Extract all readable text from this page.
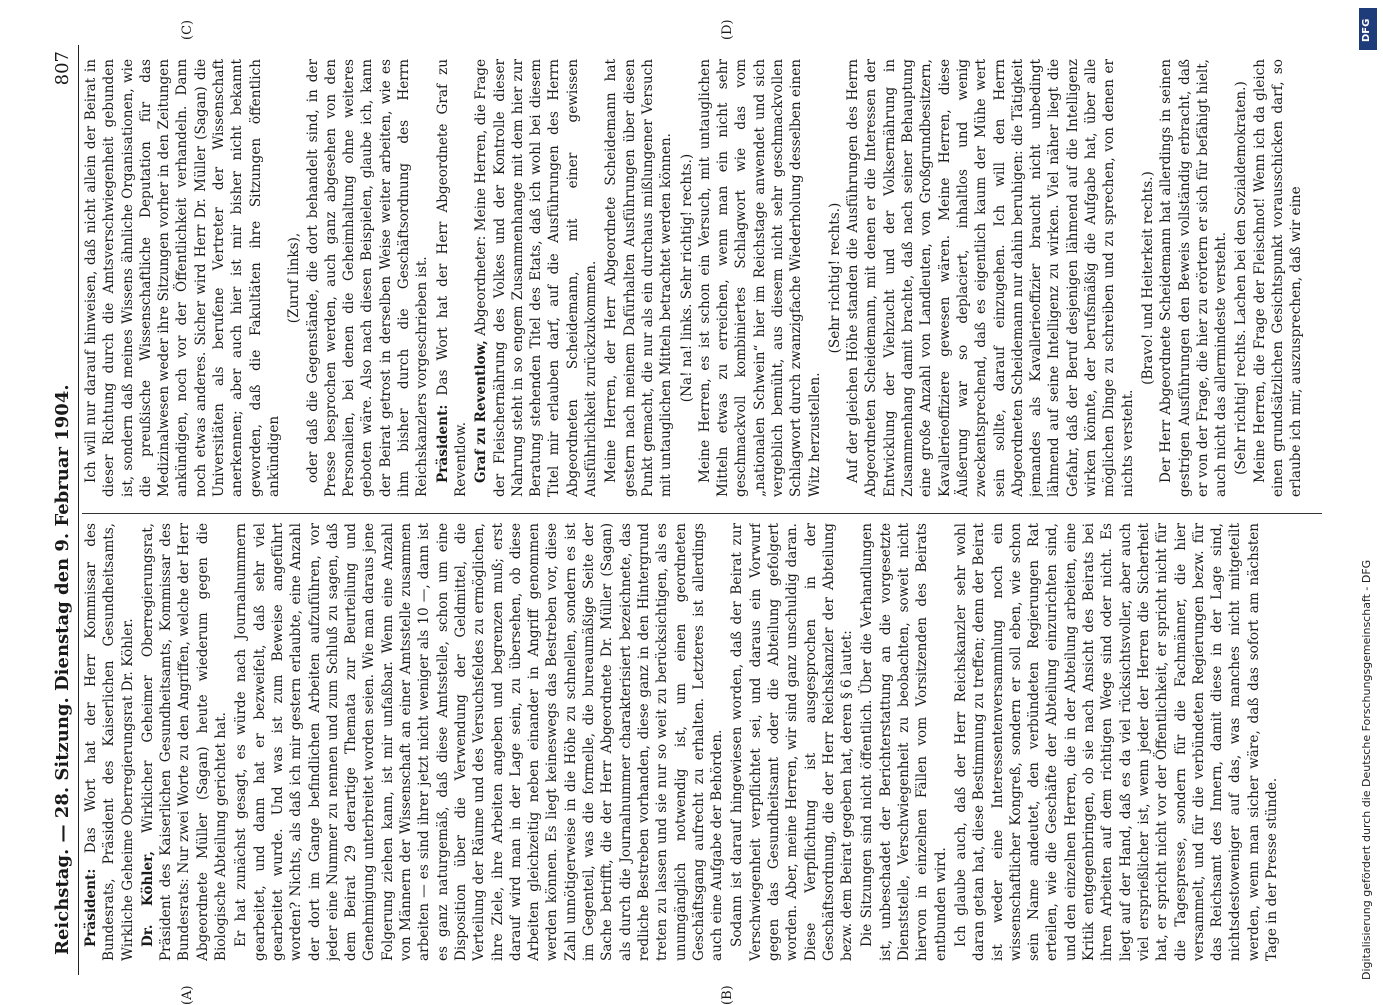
Reichstag. — 28. Sitzung. Dienstag den 9. Februar 1904.
807
(A)	(B)
(C)	(D)

Präsident: Das Wort hat der Herr Kommissar des Bundesrats, Präsident des Kaiserlichen Gesundheitsamts, Wirkliche Geheime Oberregierungsrat Dr. Köhler. Dr. Köhler, Wirklicher Geheimer Oberregierungsrat, Präsident des Kaiserlichen Gesundheitsamts, Kommissar des Bundesrats: Nur zwei Worte zu den Angriffen, welche der Herr Abgeordnete Müller (Sagan) heute wiederum gegen die Biologische Abteilung gerichtet hat. Er hat zunächst gesagt, es würde nach Journalnummern gearbeitet, und dann hat er bezweifelt, daß sehr viel gearbeitet wurde. Und was ist zum Beweise angeführt worden? Nichts, als daß ich mir gestern erlaubte, eine Anzahl der dort im Gange befindlichen Arbeiten aufzuführen, vor jeder eine Nummer zu nennen und zum Schluß zu sagen, daß dem Beirat 29 derartige Themata zur Beurteilung und Genehmigung unterbreitet worden seien. Wie man daraus jene Folgerung ziehen kann, ist mir unfaßbar. Wenn eine Anzahl von Männern der Wissenschaft an einer Amtsstelle zusammen arbeiten — es sind ihrer jetzt nicht weniger als 10 —, dann ist es ganz naturgemäß, daß diese Amtsstelle, schon um eine Disposition über die Verwendung der Geldmittel, die Verteilung der Räume und des Versuchsfeldes zu ermöglichen, ihre Ziele, ihre Arbeiten angeben und begrenzen muß; erst darauf wird man in der Lage sein, zu übersehen, ob diese Arbeiten gleichzeitig neben einander in Angriff genommen werden können. Es liegt keineswegs das Bestreben vor, diese Zahl unnötigerweise in die Höhe zu schnellen, sondern es ist im Gegenteil, was die formelle, die bureaumäßige Seite der Sache betrifft, die der Herr Abgeordnete Dr. Müller (Sagan) als durch die Journalnummer charakterisiert bezeichnete, das redliche Bestreben vorhanden, diese ganz in den Hintergrund treten zu lassen und sie nur so weit zu berücksichtigen, als es unumgänglich notwendig ist, um einen geordneten Geschäftsgang aufrecht zu erhalten. Letzteres ist allerdings auch eine Aufgabe der Behörden. Sodann ist darauf hingewiesen worden, daß der Beirat zur Verschwiegenheit verpflichtet sei, und daraus ein Vorwurf gegen das Gesundheitsamt oder die Abteilung gefolgert worden. Aber, meine Herren, wir sind ganz unschuldig daran. Diese Verpflichtung ist ausgesprochen in der Geschäftsordnung, die der Herr Reichskanzler der Abteilung bezw. dem Beirat gegeben hat, deren § 6 lautet: Die Sitzungen sind nicht öffentlich. Über die Verhandlungen ist, unbeschadet der Berichterstattung an die vorgesetzte Dienststelle, Verschwiegenheit zu beobachten, soweit nicht hiervon in einzelnen Fällen vom Vorsitzenden des Beirats entbunden wird. Ich glaube auch, daß der Herr Reichskanzler sehr wohl daran getan hat, diese Bestimmung zu treffen; denn der Beirat ist weder eine Interessentenversammlung noch ein wissenschaftlicher Kongreß, sondern er soll eben, wie schon sein Name andeutet, den verbündeten Regierungen Rat erteilen, wie die Geschäfte der Abteilung einzurichten sind, und den einzelnen Herren, die in der Abteilung arbeiten, eine Kritik entgegenbringen, ob sie nach Ansicht des Beirats bei ihren Arbeiten auf dem richtigen Wege sind oder nicht. Es liegt auf der Hand, daß es da viel rücksichtsvoller, aber auch viel ersprießlicher ist, wenn jeder der Herren die Sicherheit hat, er spricht nicht vor der Öffentlichkeit, er spricht nicht für die Tagespresse, sondern für die Fachmänner, die hier versammelt, und für die verbündeten Regierungen bezw. für das Reichsamt des Innern, damit diese in der Lage sind, nichtsdestoweniger auf das, was manches nicht mitgeteilt werden, wenn man sicher wäre, daß das sofort am nächsten Tage in der Presse stünde.

Ich will nur darauf hinweisen, daß nicht allein der Beirat in dieser Richtung durch die Amtsverschwiegenheit gebunden ist, sondern daß meines Wissens ähnliche Organisationen, wie die preußische Wissenschaftliche Deputation für das Medizinalwesen weder ihre Sitzungen vorher in den Zeitungen ankündigen, noch vor der Öffentlichkeit verhandeln. Dann noch etwas anderes. Sicher wird Herr Dr. Müller (Sagan) die Universitäten als berufene Vertreter der Wissenschaft anerkennen; aber auch hier ist mir bisher nicht bekannt geworden, daß die Fakultäten ihre Sitzungen öffentlich ankündigen

(Zuruf links), oder daß die Gegenstände, die dort behandelt sind, in der Presse besprochen werden, auch ganz abgesehen von den Personalien, bei denen die Geheimhaltung ohne weiteres geboten wäre. Also nach diesen Beispielen, glaube ich, kann der Beirat getrost in derselben Weise weiter arbeiten, wie es ihm bisher durch die Geschäftsordnung des Herrn Reichskanzlers vorgeschrieben ist. Präsident: Das Wort hat der Herr Abgeordnete Graf zu Reventlow. Graf zu Reventlow, Abgeordneter: Meine Herren, die Frage der Fleischernährung des Volkes und der Kontrolle dieser Nahrung steht in so engem Zusammenhange mit dem hier zur Beratung stehenden Titel des Etats, daß ich wohl bei diesem Titel mir erlauben darf, auf die Ausführungen des Herrn Abgeordneten Scheidemann, mit einer gewissen Ausführlichkeit zurückzukommen. Meine Herren, der Herr Abgeordnete Scheidemann hat gestern nach meinem Dafürhalten Ausführungen über diesen Punkt gemacht, die nur als ein durchaus mißlungener Versuch mit untauglichen Mitteln betrachtet werden können. (Na! na! links. Sehr richtig! rechts.) Meine Herren, es ist schon ein Versuch, mit untauglichen Mitteln etwas zu erreichen, wenn man ein nicht sehr geschmackvoll kombiniertes Schlagwort wie das vom „nationalen Schwein“ hier im Reichstage anwendet und sich vergeblich bemüht, aus diesem nicht sehr geschmackvollen Schlagwort durch zwanzigfache Wiederholung desselben einen Witz herzustellen.

(Sehr richtig! rechts.) Auf der gleichen Höhe standen die Ausführungen des Herrn Abgeordneten Scheidemann, mit denen er die Interessen der Entwicklung der Viehzucht und der Volksernährung in Zusammenhang damit brachte, daß nach seiner Behauptung eine große Anzahl von Landleuten, von Großgrundbesitzern, Kavallerieoffiziere gewesen wären. Meine Herren, diese Äußerung war so deplaciert, inhaltlos und wenig zweckentsprechend, daß es eigentlich kaum der Mühe wert sein sollte, darauf einzugehen. Ich will den Herrn Abgeordneten Scheidemann nur dahin beruhigen: die Tätigkeit jemandes als Kavallerieoffizier braucht nicht unbedingt lähmend auf seine Intelligenz zu wirken. Viel näher liegt die Gefahr, daß der Beruf desjenigen lähmend auf die Intelligenz wirken könnte, der berufsmäßig die Aufgabe hat, über alle möglichen Dinge zu schreiben und zu sprechen, von denen er nichts versteht.

(Bravo! und Heiterkeit rechts.) Der Herr Abgeordnete Scheidemann hat allerdings in seinen gestrigen Ausführungen den Beweis vollständig erbracht, daß er von der Frage, die hier zu erörtern er sich für befähigt hielt, auch nicht das allermindeste versteht. (Sehr richtig! rechts. Lachen bei den Sozialdemokraten.) Meine Herren, die Frage der Fleischnot! Wenn ich da gleich einen grundsätzlichen Gesichtspunkt vorausschicken darf, so erlaube ich mir, auszusprechen, daß wir eine

DFG
Digitalisierung gefördert durch die Deutsche Forschungsgemeinschaft - DFG
